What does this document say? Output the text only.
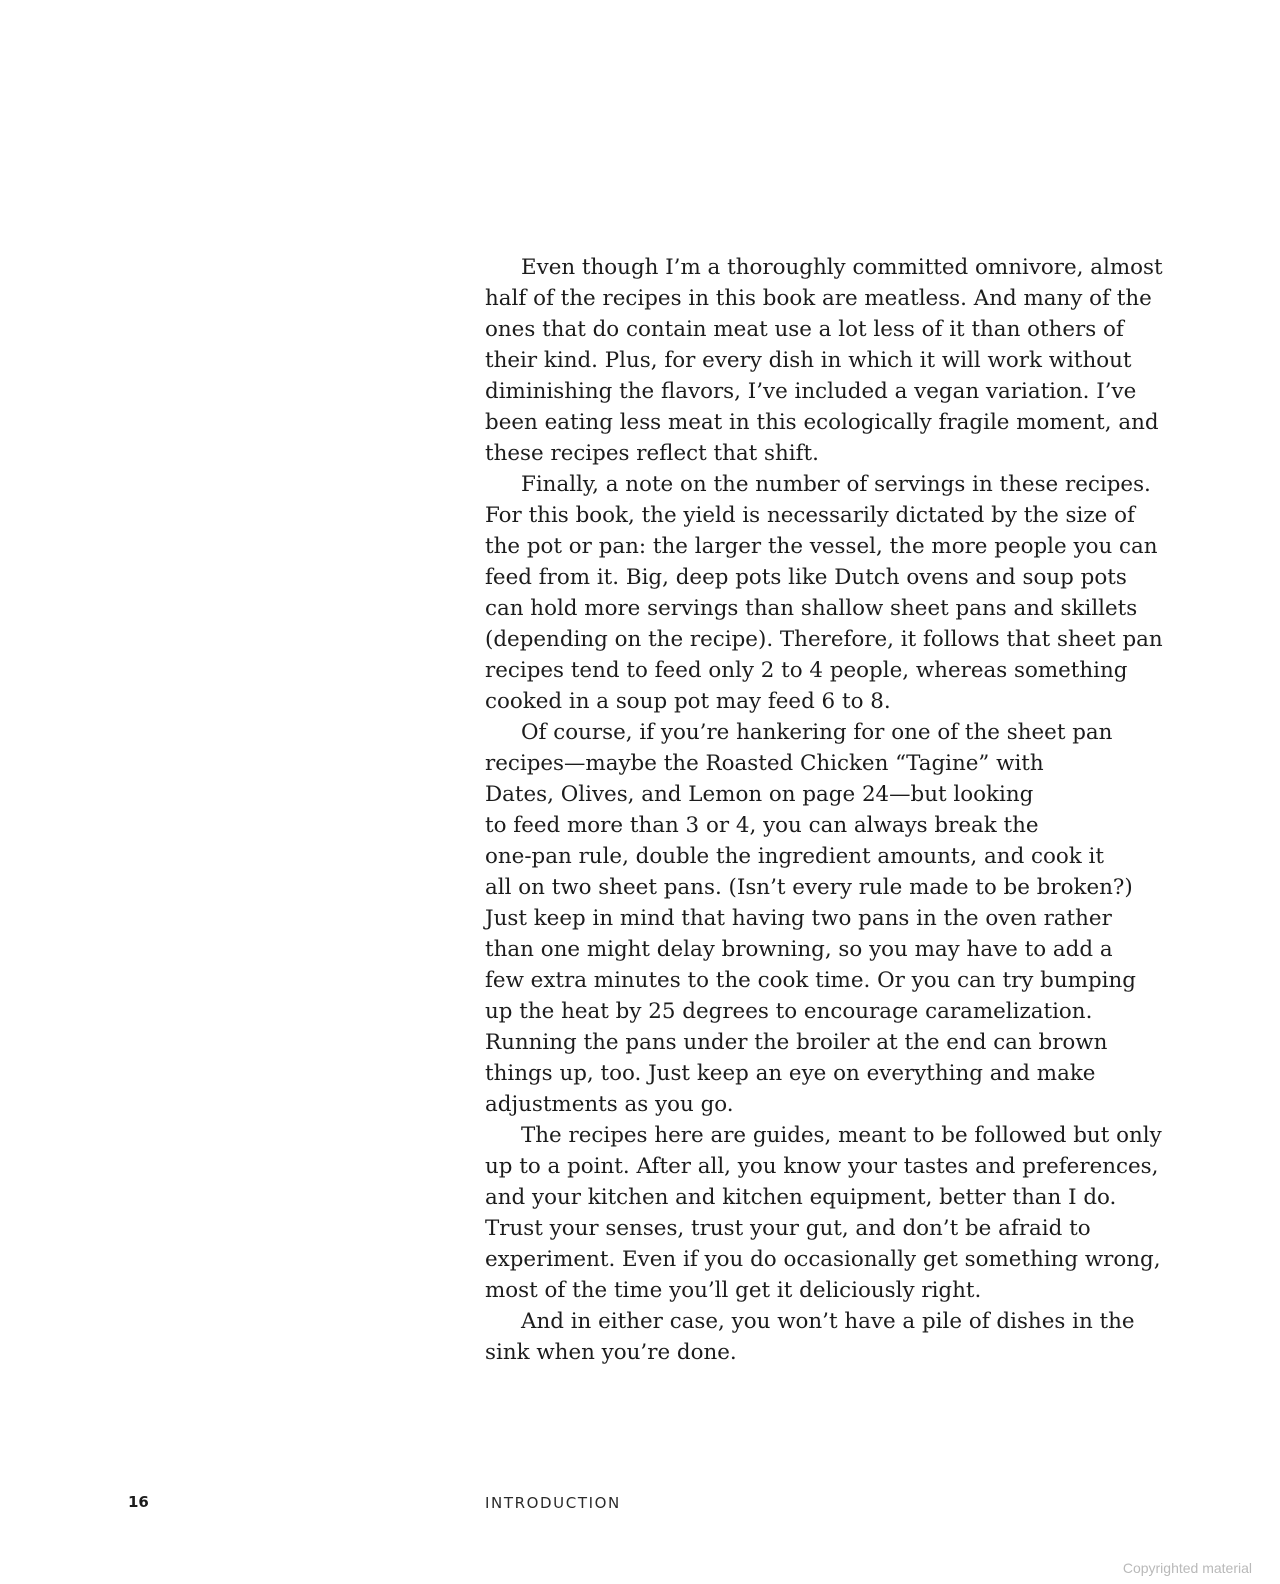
Even though I’m a thoroughly committed omnivore, almost
half of the recipes in this book are meatless. And many of the
ones that do contain meat use a lot less of it than others of
their kind. Plus, for every dish in which it will work without
diminishing the flavors, I’ve included a vegan variation. I’ve
been eating less meat in this ecologically fragile moment, and
these recipes reflect that shift.

Finally, a note on the number of servings in these recipes.
For this book, the yield is necessarily dictated by the size of
the pot or pan: the larger the vessel, the more people you can
feed from it. Big, deep pots like Dutch ovens and soup pots
can hold more servings than shallow sheet pans and skillets
(depending on the recipe). Therefore, it follows that sheet pan
recipes tend to feed only 2 to 4 people, whereas something
cooked in a soup pot may feed 6 to 8.

Of course, if you’re hankering for one of the sheet pan
recipes—maybe the Roasted Chicken “Tagine” with
Dates, Olives, and Lemon on page 24—but looking
to feed more than 3 or 4, you can always break the
one-pan rule, double the ingredient amounts, and cook it
all on two sheet pans. (Isn’t every rule made to be broken?)
Just keep in mind that having two pans in the oven rather
than one might delay browning, so you may have to add a
few extra minutes to the cook time. Or you can try bumping
up the heat by 25 degrees to encourage caramelization.
Running the pans under the broiler at the end can brown
things up, too. Just keep an eye on everything and make
adjustments as you go.

The recipes here are guides, meant to be followed but only
up to a point. After all, you know your tastes and preferences,
and your kitchen and kitchen equipment, better than I do.
Trust your senses, trust your gut, and don’t be afraid to
experiment. Even if you do occasionally get something wrong,
most of the time you’ll get it deliciously right.

And in either case, you won’t have a pile of dishes in the
sink when you’re done.

16	INTRODUCTION
Copyrighted material
